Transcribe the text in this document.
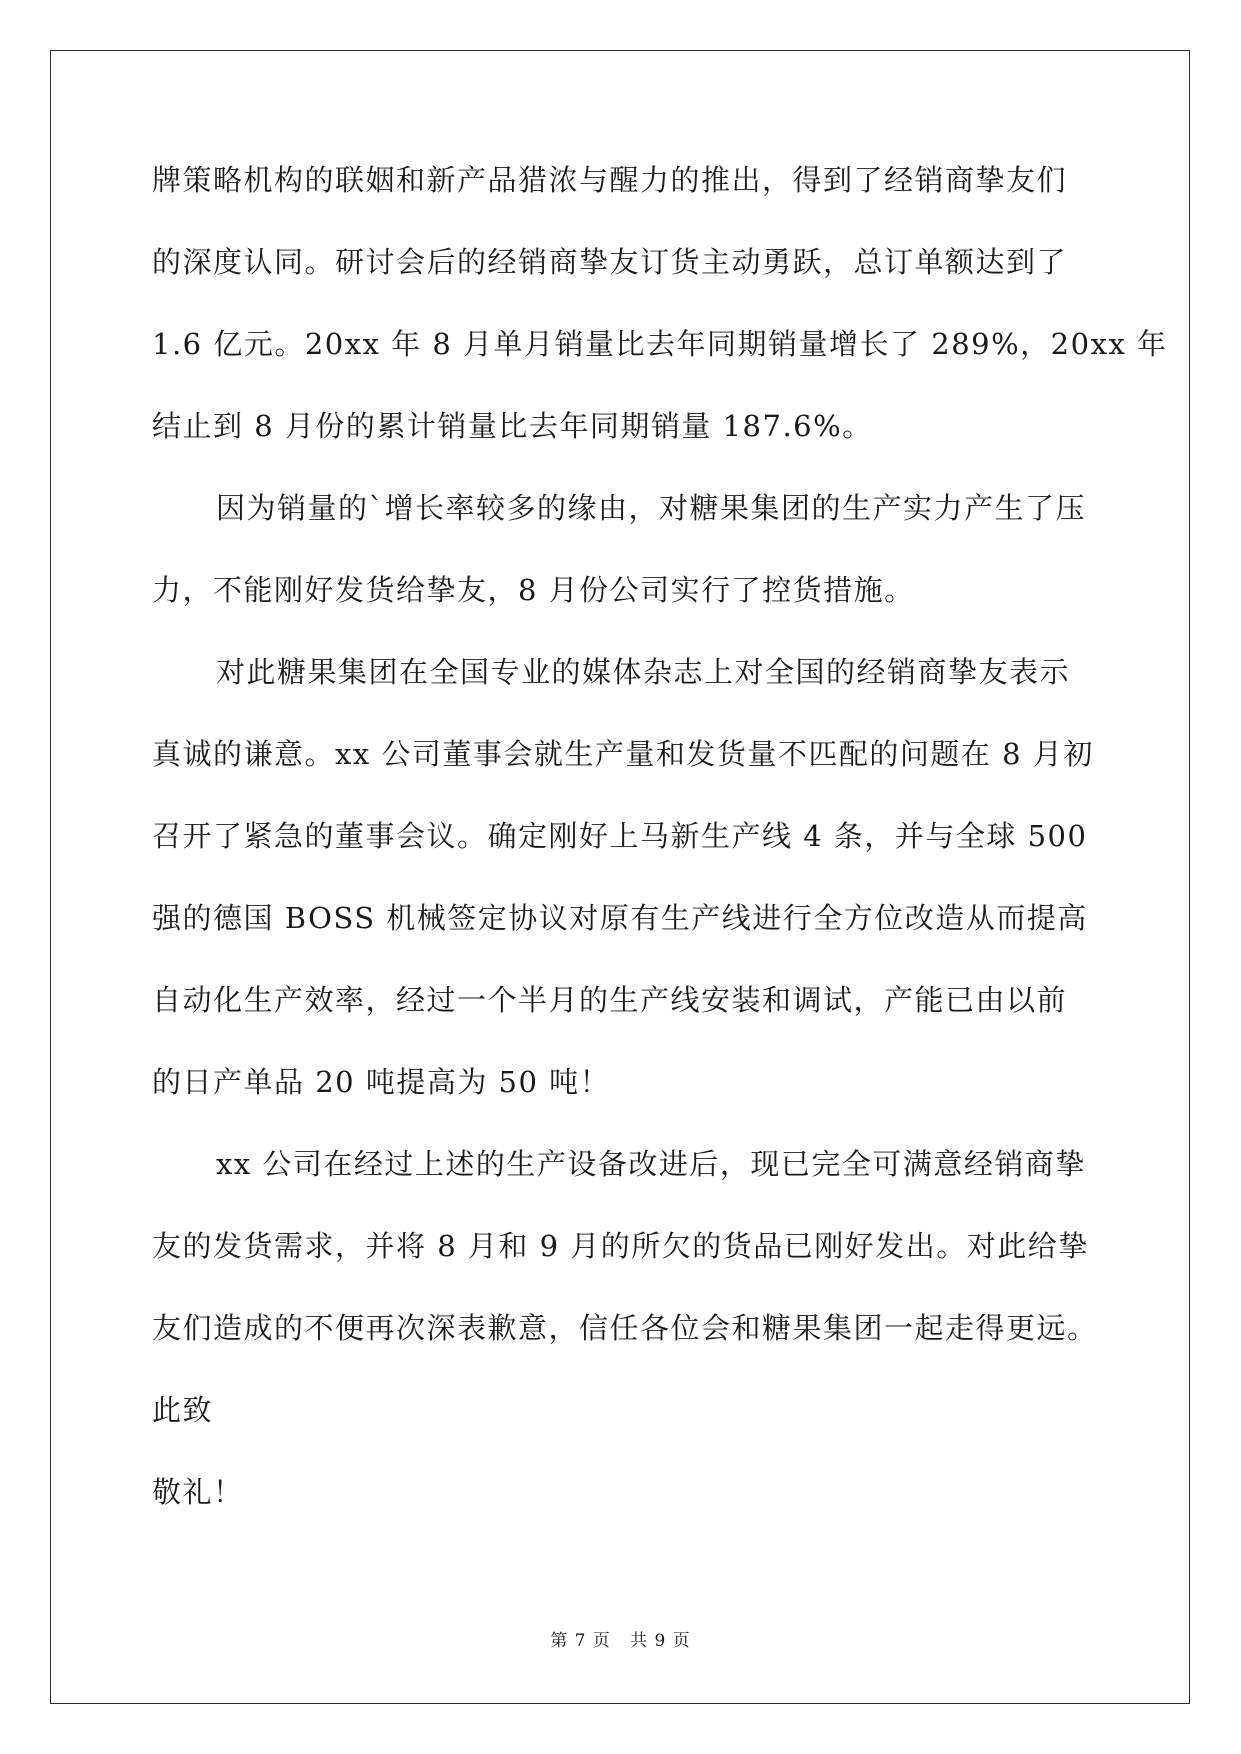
牌策略机构的联姻和新产品猎浓与醒力的推出，得到了经销商挚友们
的深度认同。研讨会后的经销商挚友订货主动勇跃，总订单额达到了
1.6 亿元。20xx 年 8 月单月销量比去年同期销量增长了 289%，20xx 年
结止到 8 月份的累计销量比去年同期销量 187.6%。
因为销量的`增长率较多的缘由，对糖果集团的生产实力产生了压
力，不能刚好发货给挚友，8 月份公司实行了控货措施。
对此糖果集团在全国专业的媒体杂志上对全国的经销商挚友表示
真诚的谦意。xx 公司董事会就生产量和发货量不匹配的问题在 8 月初
召开了紧急的董事会议。确定刚好上马新生产线 4 条，并与全球 500
强的德国 BOSS 机械签定协议对原有生产线进行全方位改造从而提高
自动化生产效率，经过一个半月的生产线安装和调试，产能已由以前
的日产单品 20 吨提高为 50 吨！
xx 公司在经过上述的生产设备改进后，现已完全可满意经销商挚
友的发货需求，并将 8 月和 9 月的所欠的货品已刚好发出。对此给挚
友们造成的不便再次深表歉意，信任各位会和糖果集团一起走得更远。
此致
敬礼！
第 7 页   共 9 页
